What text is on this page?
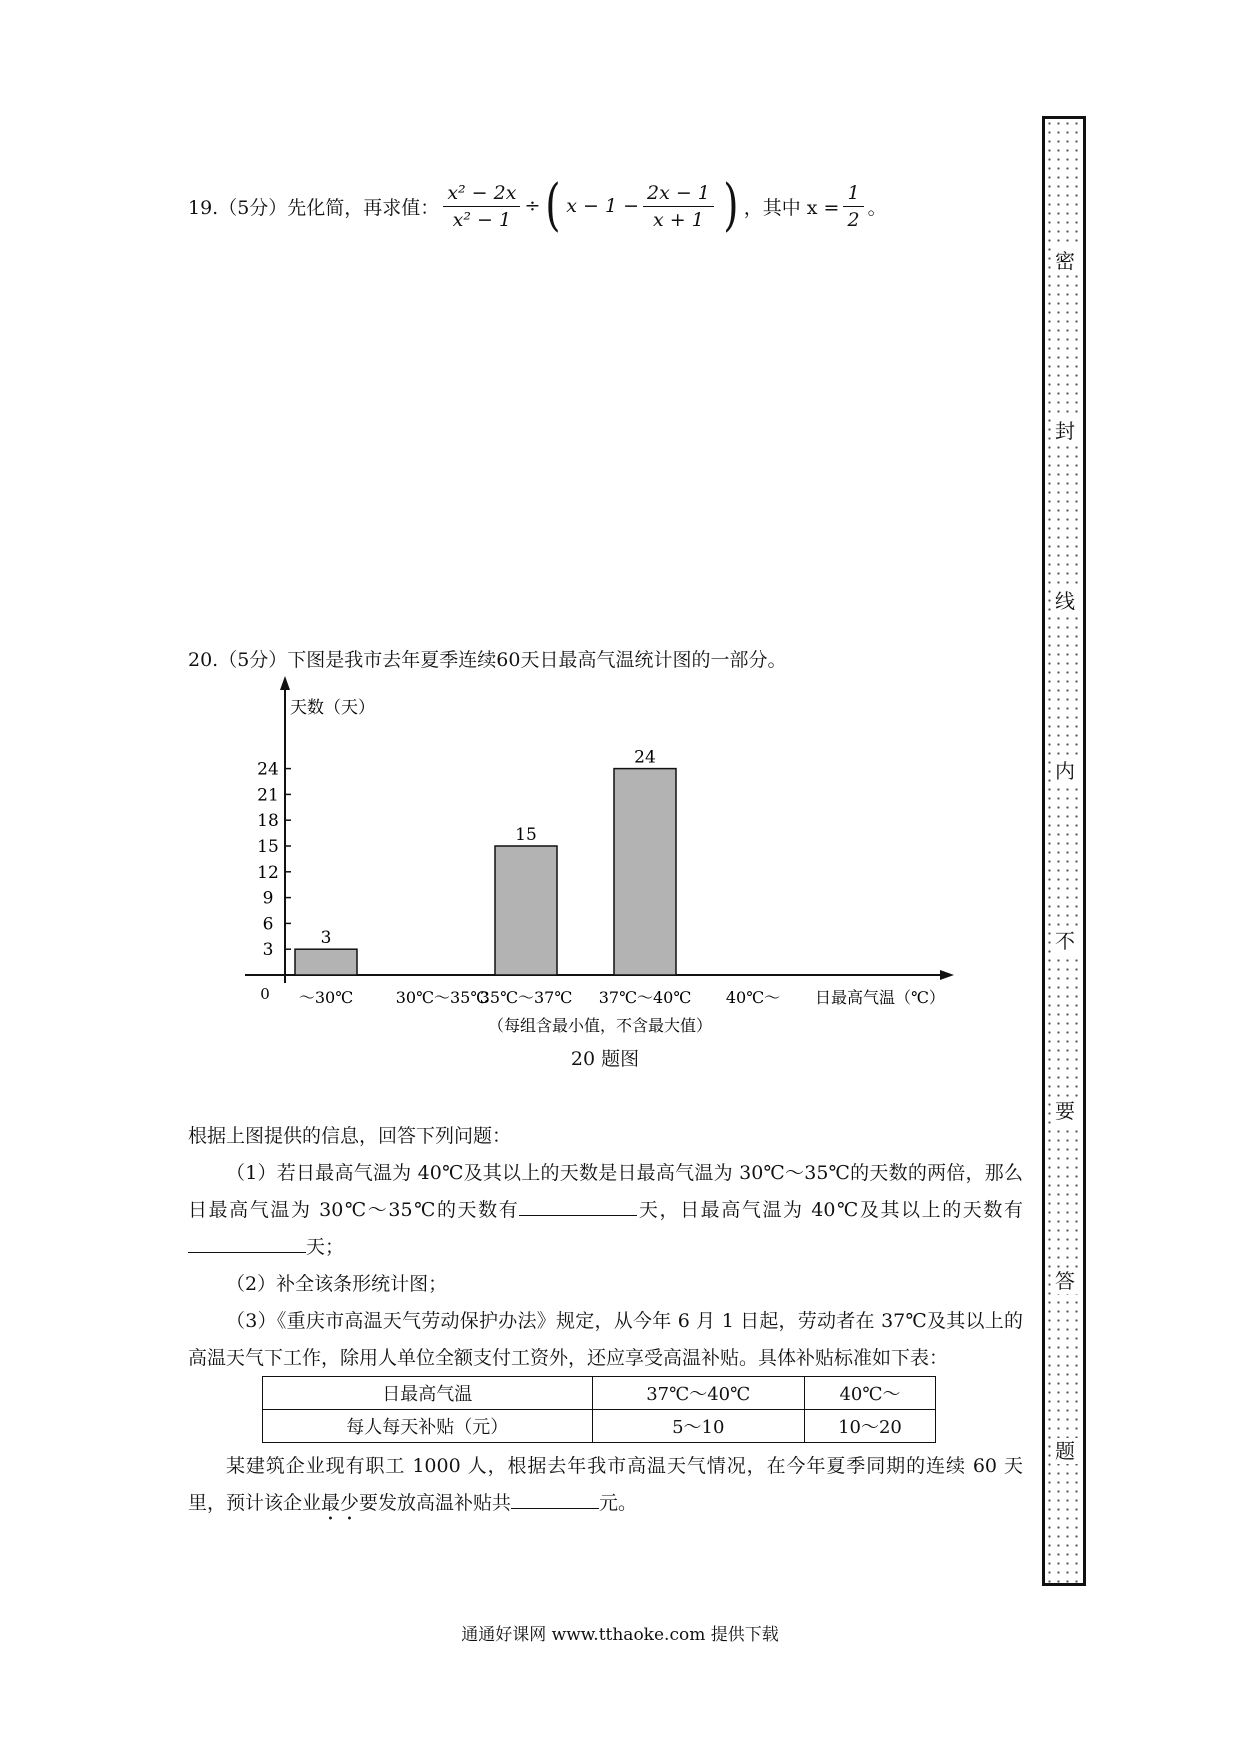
19.（5分）先化简，再求值： $\frac{\text{x² − 2x}}{\text{x² − 1}}$ ÷ ( $x - 1 - \frac{2x - 1}{x + 1}$ ) ，其中 $x = \frac{1}{2}$ 。
20.（5分）下图是我市去年夏季连续60天日最高气温统计图的一部分。
3
6
9
12
15
18
21
24
0
天数（天）
～30℃
3
30℃～35℃
35℃～37℃
15
37℃～40℃
24
40℃～ 日最高气温（℃）
（每组含最小值，不含最大值）
20 题图
根据上图提供的信息，回答下列问题：
（1）若日最高气温为 40℃及其以上的天数是日最高气温为 30℃～35℃的天数的两倍，那么日最高气温为 30℃～35℃的天数有	天，日最高气温为 40℃及其以上的天数有天；
（2）补全该条形统计图；
（3）《重庆市高温天气劳动保护办法》规定，从今年 6 月 1 日起，劳动者在 37℃及其以上的高温天气下工作，除用人单位全额支付工资外，还应享受高温补贴。具体补贴标准如下表：
日最高气温	37℃～40℃	40℃～
每人每天补贴（元）	5～10	10～20
某建筑企业现有职工 1000 人，根据去年我市高温天气情况，在今年夏季同期的连续 60 天里，预计该企业最少要发放高温补贴共	元。
密
封
线
内
不
要
答
题
通通好课网 www.tthaoke.com 提供下载
